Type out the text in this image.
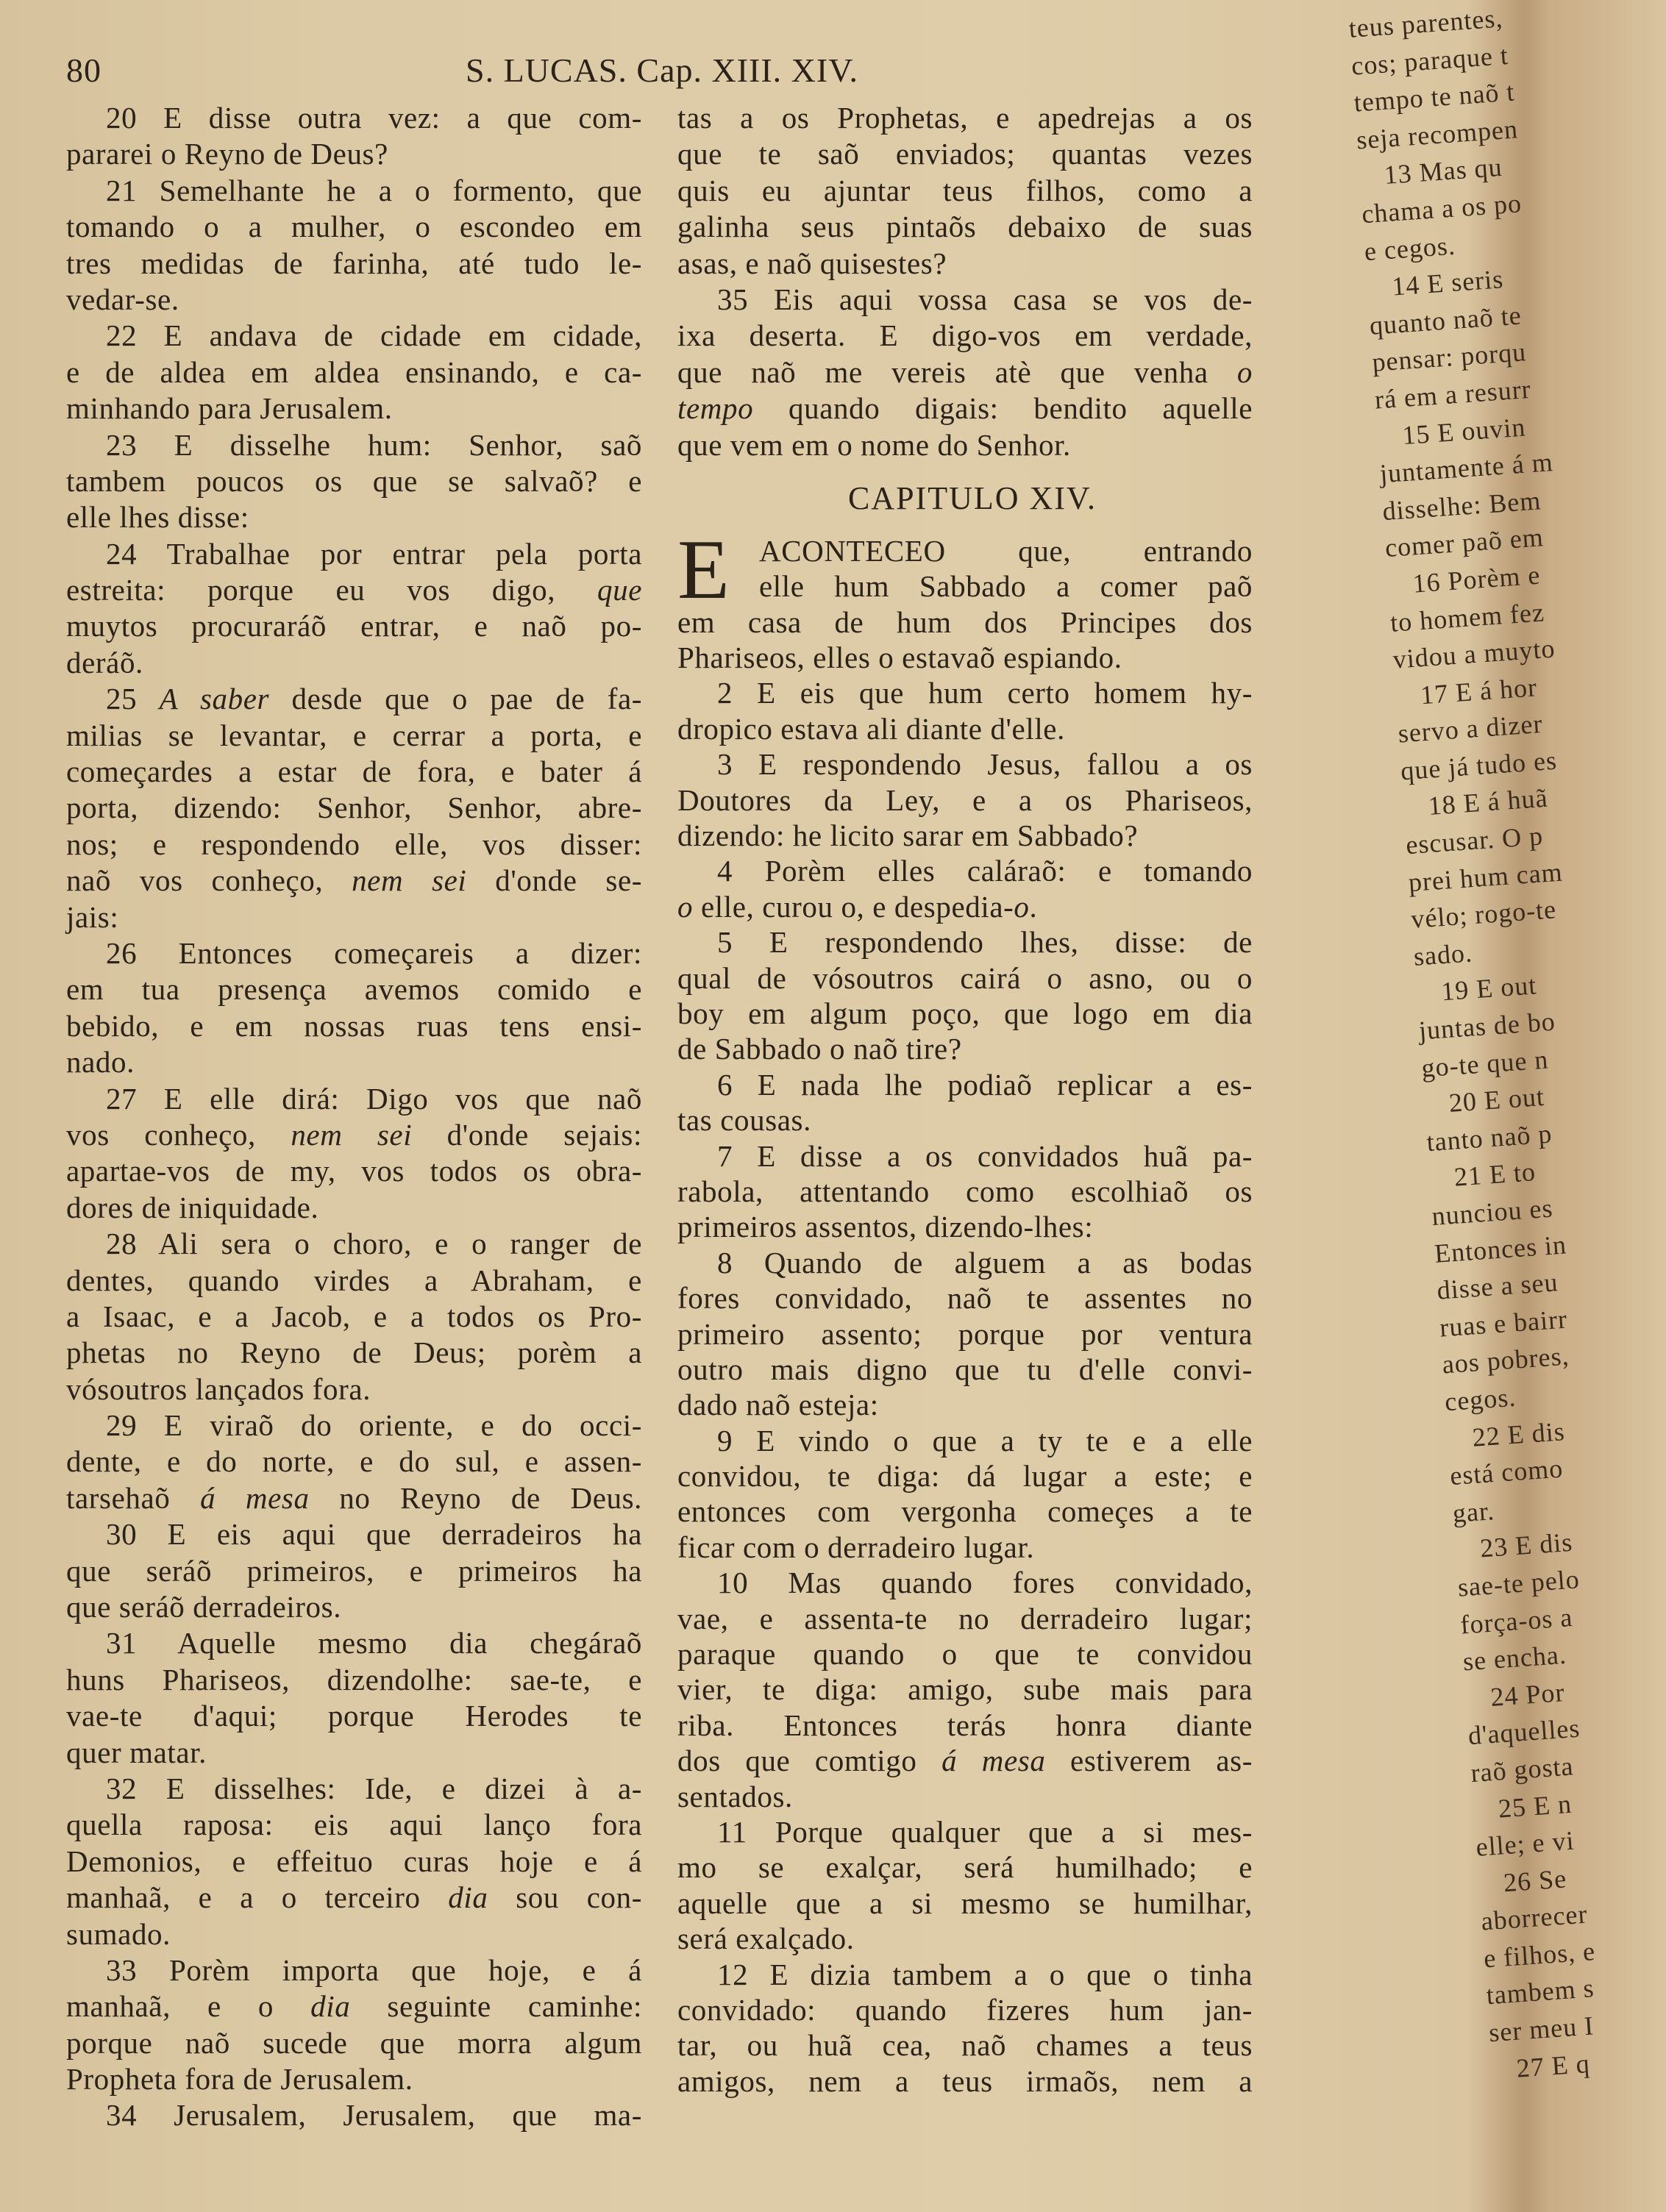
80	S. LUCAS. Cap. XIII. XIV.
20 E disse outra vez: a que com-
pararei o Reyno de Deus?
21 Semelhante he a o formento, que
tomando o a mulher, o escondeo em
tres medidas de farinha, até tudo le-
vedar-se.
22 E andava de cidade em cidade,
e de aldea em aldea ensinando, e ca-
minhando para Jerusalem.
23 E disselhe hum: Senhor, saõ
tambem poucos os que se salvaõ? e
elle lhes disse:
24 Trabalhae por entrar pela porta
estreita: porque eu vos digo, que
muytos procuraráõ entrar, e naõ po-
deráõ.
25 A saber desde que o pae de fa-
milias se levantar, e cerrar a porta, e
começardes a estar de fora, e bater á
porta, dizendo: Senhor, Senhor, abre-
nos; e respondendo elle, vos disser:
naõ vos conheço, nem sei d'onde se-
jais:
26 Entonces começareis a dizer:
em tua presença avemos comido e
bebido, e em nossas ruas tens ensi-
nado.
27 E elle dirá: Digo vos que naõ
vos conheço, nem sei d'onde sejais:
apartae-vos de my, vos todos os obra-
dores de iniquidade.
28 Ali sera o choro, e o ranger de
dentes, quando virdes a Abraham, e
a Isaac, e a Jacob, e a todos os Pro-
phetas no Reyno de Deus; porèm a
vósoutros lançados fora.
29 E viraõ do oriente, e do occi-
dente, e do norte, e do sul, e assen-
tarsehaõ á mesa no Reyno de Deus.
30 E eis aqui que derradeiros ha
que seráõ primeiros, e primeiros ha
que seráõ derradeiros.
31 Aquelle mesmo dia chegáraõ
huns Phariseos, dizendolhe: sae-te, e
vae-te d'aqui; porque Herodes te
quer matar.
32 E disselhes: Ide, e dizei à a-
quella raposa: eis aqui lanço fora
Demonios, e effeituo curas hoje e á
manhaã, e a o terceiro dia sou con-
sumado.
33 Porèm importa que hoje, e á
manhaã, e o dia seguinte caminhe:
porque naõ sucede que morra algum
Propheta fora de Jerusalem.
34 Jerusalem, Jerusalem, que ma-
tas a os Prophetas, e apedrejas a os
que te saõ enviados; quantas vezes
quis eu ajuntar teus filhos, como a
galinha seus pintaõs debaixo de suas
asas, e naõ quisestes?
35 Eis aqui vossa casa se vos de-
ixa deserta. E digo-vos em verdade,
que naõ me vereis atè que venha o
tempo quando digais: bendito aquelle
que vem em o nome do Senhor.
CAPITULO XIV.
E ACONTECEO que, entrando
elle hum Sabbado a comer paõ
em casa de hum dos Principes dos
Phariseos, elles o estavaõ espiando.
2 E eis que hum certo homem hy-
dropico estava ali diante d'elle.
3 E respondendo Jesus, fallou a os
Doutores da Ley, e a os Phariseos,
dizendo: he licito sarar em Sabbado?
4 Porèm elles caláraõ: e tomando
o elle, curou o, e despedia-o.
5 E respondendo lhes, disse: de
qual de vósoutros cairá o asno, ou o
boy em algum poço, que logo em dia
de Sabbado o naõ tire?
6 E nada lhe podiaõ replicar a es-
tas cousas.
7 E disse a os convidados huã pa-
rabola, attentando como escolhiaõ os
primeiros assentos, dizendo-lhes:
8 Quando de alguem a as bodas
fores convidado, naõ te assentes no
primeiro assento; porque por ventura
outro mais digno que tu d'elle convi-
dado naõ esteja:
9 E vindo o que a ty te e a elle
convidou, te diga: dá lugar a este; e
entonces com vergonha começes a te
ficar com o derradeiro lugar.
10 Mas quando fores convidado,
vae, e assenta-te no derradeiro lugar;
paraque quando o que te convidou
vier, te diga: amigo, sube mais para
riba. Entonces terás honra diante
dos que comtigo á mesa estiverem as-
sentados.
11 Porque qualquer que a si mes-
mo se exalçar, será humilhado; e
aquelle que a si mesmo se humilhar,
será exalçado.
12 E dizia tambem a o que o tinha
convidado: quando fizeres hum jan-
tar, ou huã cea, naõ chames a teus
amigos, nem a teus irmaõs, nem a
teus parentes,
cos; paraque t
tempo te naõ t
seja recompen
13 Mas qu
chama a os po
e cegos.
14 E seris
quanto naõ te
pensar: porqu
rá em a resurr
15 E ouvin
juntamente á m
disselhe: Bem
comer paõ em
16 Porèm e
to homem fez
vidou a muyto
17 E á hor
servo a dizer
que já tudo es
18 E á huã
escusar. O p
prei hum cam
vélo; rogo-te
sado.
19 E out
juntas de bo
go-te que n
20 E out
tanto naõ p
21 E to
nunciou es
Entonces in
disse a seu
ruas e bairr
aos pobres,
cegos.
22 E dis
está como
gar.
23 E dis
sae-te pelo
força-os a
se encha.
24 Por
d'aquelles
raõ gosta
25 E n
elle; e vi
26 Se
aborrecer
e filhos, e
tambem s
ser meu I
27 E q
